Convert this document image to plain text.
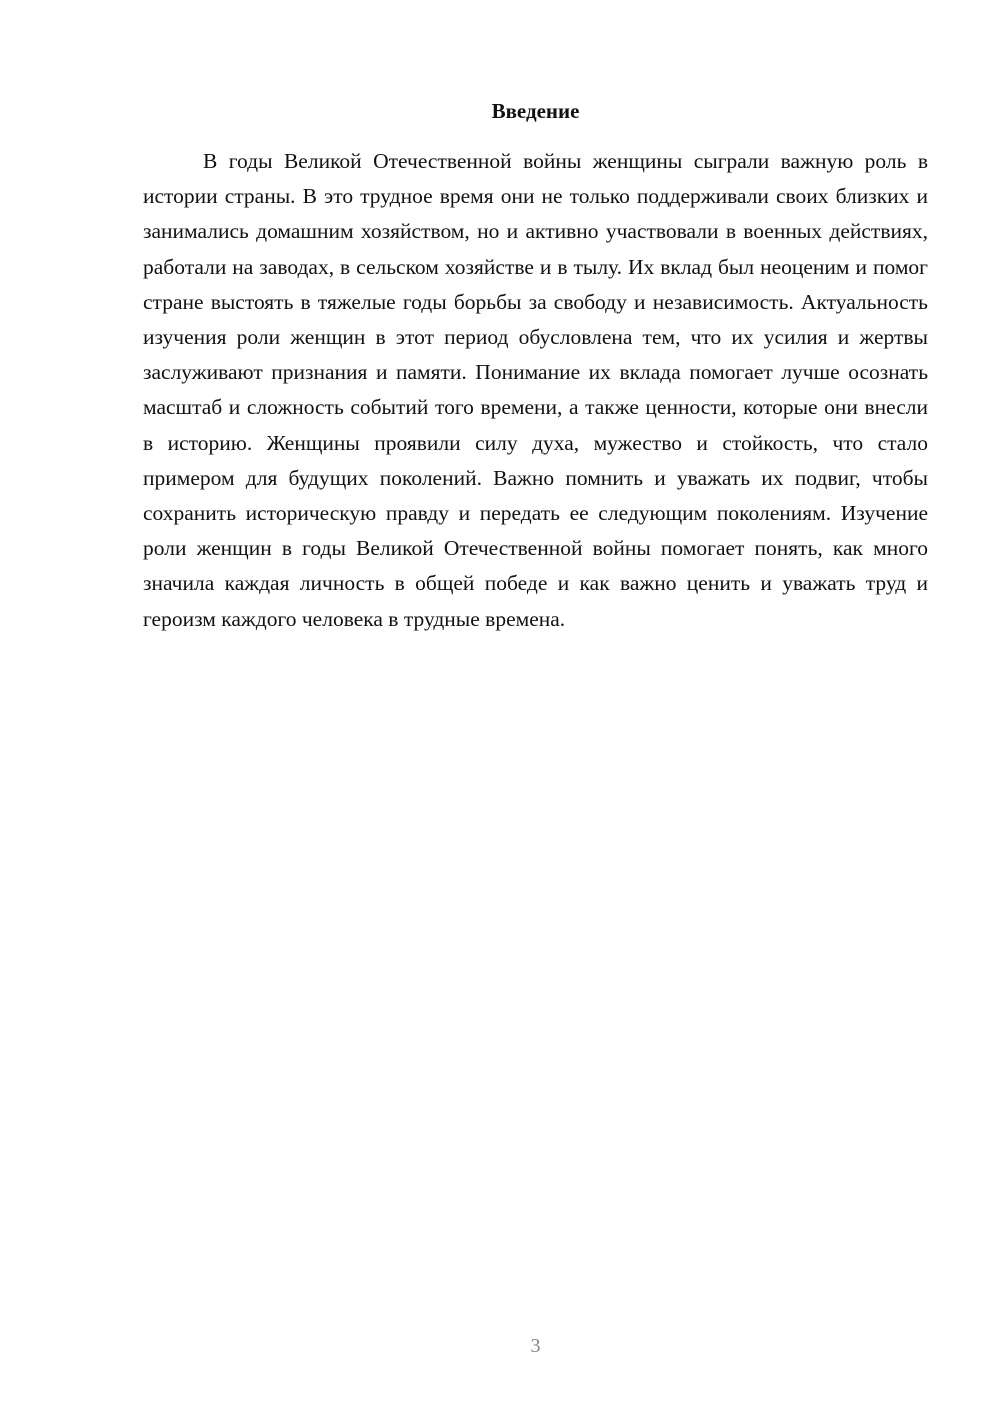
Введение

В годы Великой Отечественной войны женщины сыграли важную роль в истории страны. В это трудное время они не только поддерживали своих близких и занимались домашним хозяйством, но и активно участвовали в военных действиях, работали на заводах, в сельском хозяйстве и в тылу. Их вклад был неоценим и помог стране выстоять в тяжелые годы борьбы за свободу и независимость. Актуальность изучения роли женщин в этот период обусловлена тем, что их усилия и жертвы заслуживают признания и памяти. Понимание их вклада помогает лучше осознать масштаб и сложность событий того времени, а также ценности, которые они внесли в историю. Женщины проявили силу духа, мужество и стойкость, что стало примером для будущих поколений. Важно помнить и уважать их подвиг, чтобы сохранить историческую правду и передать ее следующим поколениям. Изучение роли женщин в годы Великой Отечественной войны помогает понять, как много значила каждая личность в общей победе и как важно ценить и уважать труд и героизм каждого человека в трудные времена.

3
